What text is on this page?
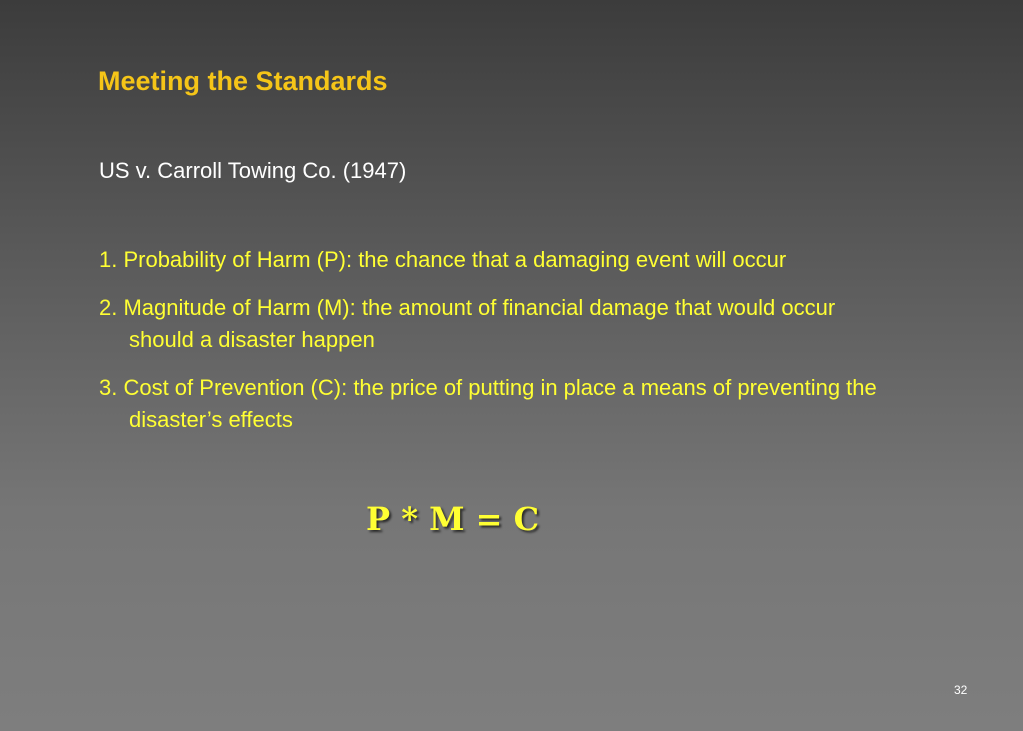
Meeting the Standards
US v. Carroll Towing Co. (1947)
1. Probability of Harm (P): the chance that a damaging event will occur
2. Magnitude of Harm (M): the amount of financial damage that would occur should a disaster happen
3. Cost of Prevention (C): the price of putting in place a means of preventing the disaster’s effects
P * M = C
32
